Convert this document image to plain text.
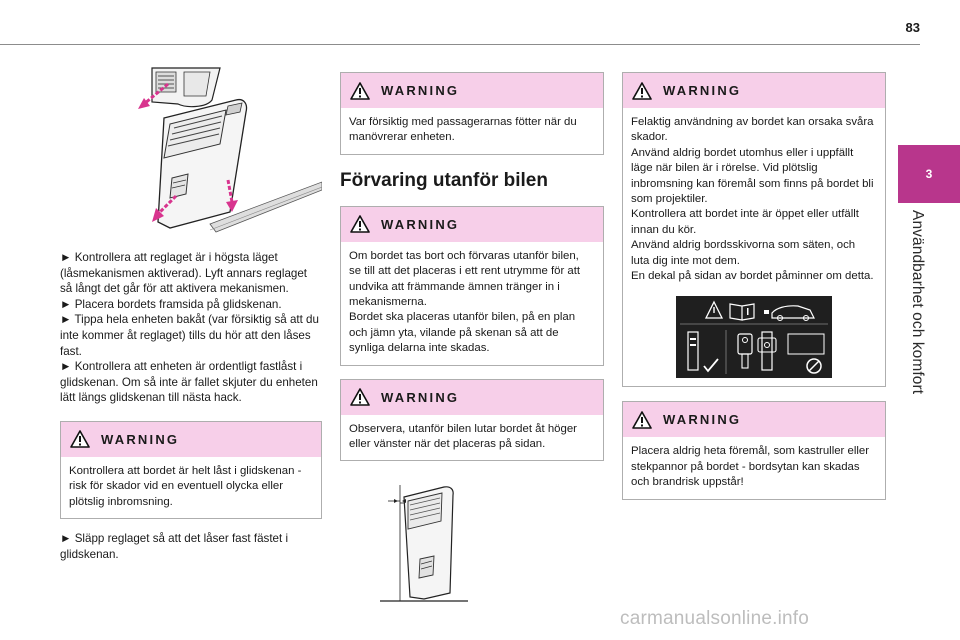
83
3
Användbarhet och komfort
► Kontrollera att reglaget är i högsta läget (låsmekanismen aktiverad). Lyft annars reglaget så långt det går för att aktivera mekanismen.
► Placera bordets framsida på glidskenan.
► Tippa hela enheten bakåt (var försiktig så att du inte kommer åt reglaget) tills du hör att den låses fast.
► Kontrollera att enheten är ordentligt fastlåst i glidskenan. Om så inte är fallet skjuter du enheten lätt längs glidskenan till nästa hack.
WARNING
Kontrollera att bordet är helt låst i glidskenan - risk för skador vid en eventuell olycka eller plötslig inbromsning.
► Släpp reglaget så att det låser fast fästet i glidskenan.
WARNING
Var försiktig med passagerarnas fötter när du manövrerar enheten.
Förvaring utanför bilen
WARNING
Om bordet tas bort och förvaras utanför bilen, se till att det placeras i ett rent utrymme för att undvika att främmande ämnen tränger in i mekanismerna.
Bordet ska placeras utanför bilen, på en plan och jämn yta, vilande på skenan så att de synliga delarna inte skadas.
WARNING
Observera, utanför bilen lutar bordet åt höger eller vänster när det placeras på sidan.
WARNING
Felaktig användning av bordet kan orsaka svåra skador.
Använd aldrig bordet utomhus eller i uppfällt läge när bilen är i rörelse. Vid plötslig inbromsning kan föremål som finns på bordet bli som projektiler.
Kontrollera att bordet inte är öppet eller utfällt innan du kör.
Använd aldrig bordsskivorna som säten, och luta dig inte mot dem.
En dekal på sidan av bordet påminner om detta.
WARNING
Placera aldrig heta föremål, som kastruller eller stekpannor på bordet - bordsytan kan skadas och brandrisk uppstår!
carmanualsonline.info
